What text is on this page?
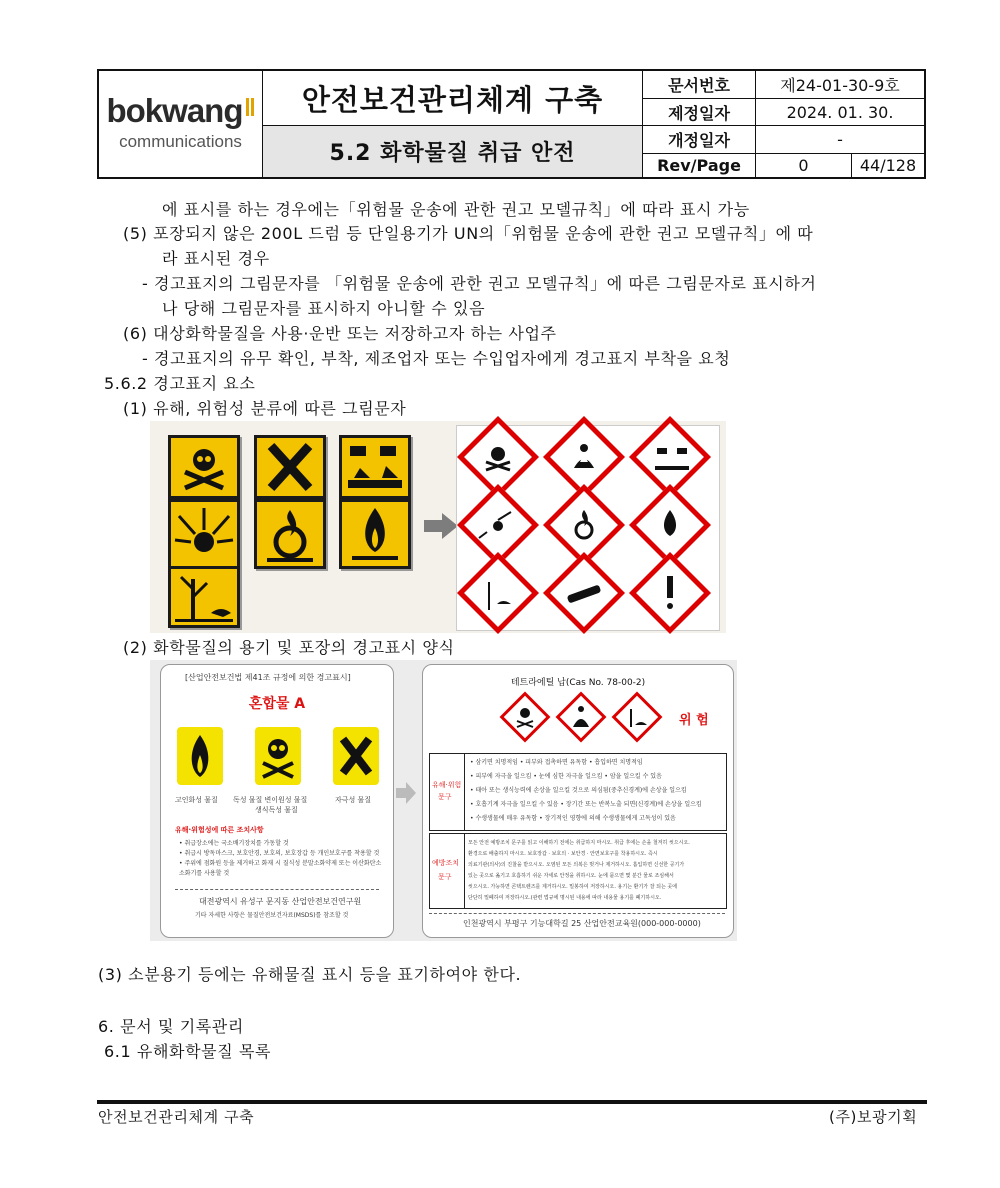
bokwang
communications
안전보건관리체계 구축
5.2 화학물질 취급 안전
문서번호	제24-01-30-9호
제정일자	2024. 01. 30.
개정일자	-
Rev/Page	0	44/128
에 표시를 하는 경우에는「위험물 운송에 관한 권고 모델규칙」에 따라 표시 가능
(5) 포장되지 않은 200L 드럼 등 단일용기가 UN의「위험물 운송에 관한 권고 모델규칙」에 따
라 표시된 경우
- 경고표지의 그림문자를 「위험물 운송에 관한 권고 모델규칙」에 따른 그림문자로 표시하거
나 당해 그림문자를 표시하지 아니할 수 있음
(6) 대상화학물질을 사용·운반 또는 저장하고자 하는 사업주
- 경고표지의 유무 확인, 부착, 제조업자 또는 수입업자에게 경고표지 부착을 요청
5.6.2 경고표지 요소
(1) 유해, 위험성 분류에 따른 그림문자
(2) 화학물질의 용기 및 포장의 경고표시 양식
[산업안전보건법 제41조 규정에 의한 경고표시]
혼합물 A
고인화성 물질 독성 물질 변이원성 물질
생식독성 물질
자극성 물질
유해·위험성에 따른 조치사항
• 취급장소에는 국소배기장치를 가동할 것
• 취급시 방독마스크, 보호안경, 보호의, 보호장갑 등 개인보호구를 착용할 것
• 주위에 점화원 등을 제거하고 화재 시 질식성 분말소화약제 또는 이산화탄소
소화기를 사용할 것
대전광역시 유성구 문지동 산업안전보건연구원
기타 자세한 사항은 물질안전보건자료(MSDS)를 참조할 것
테트라에틸 납(Cas No. 78-00-2)
위 험
유해·위험
문구
• 삼키면 치명적임 • 피부와 접촉하면 유독함 • 흡입하면 치명적임
• 피부에 자극을 일으킴 • 눈에 심한 자극을 일으킴 • 암을 일으킬 수 있음
• 태아 또는 생식능력에 손상을 일으킬 것으로 의심됨(중추신경계)에 손상을 일으킴
• 호흡기계 자극을 일으킬 수 있음 • 장기간 또는 반복노출 되면(신경계)에 손상을 일으킴
• 수생생물에 매우 유독함 • 장기적인 영향에 의해 수생생물에게 고독성이 있음
예방조치
문구
모든 안전 예방조치 문구를 읽고 이해하기 전에는 취급하지 마시오. 취급 후에는 손을 철저히 씻으시오.
환경으로 배출하지 마시오. 보호장갑 · 보호의 · 보안경 · 안면보호구를 착용하시오. 즉시
의료기관(의사)의 진찰을 받으시오. 오염된 모든 의복은 벗거나 제거하시오. 흡입하면 신선한 공기가
있는 곳으로 옮기고 호흡하기 쉬운 자세로 안정을 취하시오. 눈에 묻으면 몇 분간 물로 조심해서
씻으시오. 가능하면 콘택트렌즈를 제거하시오. 밀봉하여 저장하시오. 용기는 환기가 잘 되는 곳에
단단히 밀폐하여 저장하시오.(관련 법규에 명시된 내용에 따라 내용물 용기를 폐기하시오.
인천광역시 부평구 기능대학길 25 산업안전교육원(000-000-0000)
(3) 소분용기 등에는 유해물질 표시 등을 표기하여야 한다.
6. 문서 및 기록관리
6.1 유해화학물질 목록
안전보건관리체계 구축	(주)보광기획
